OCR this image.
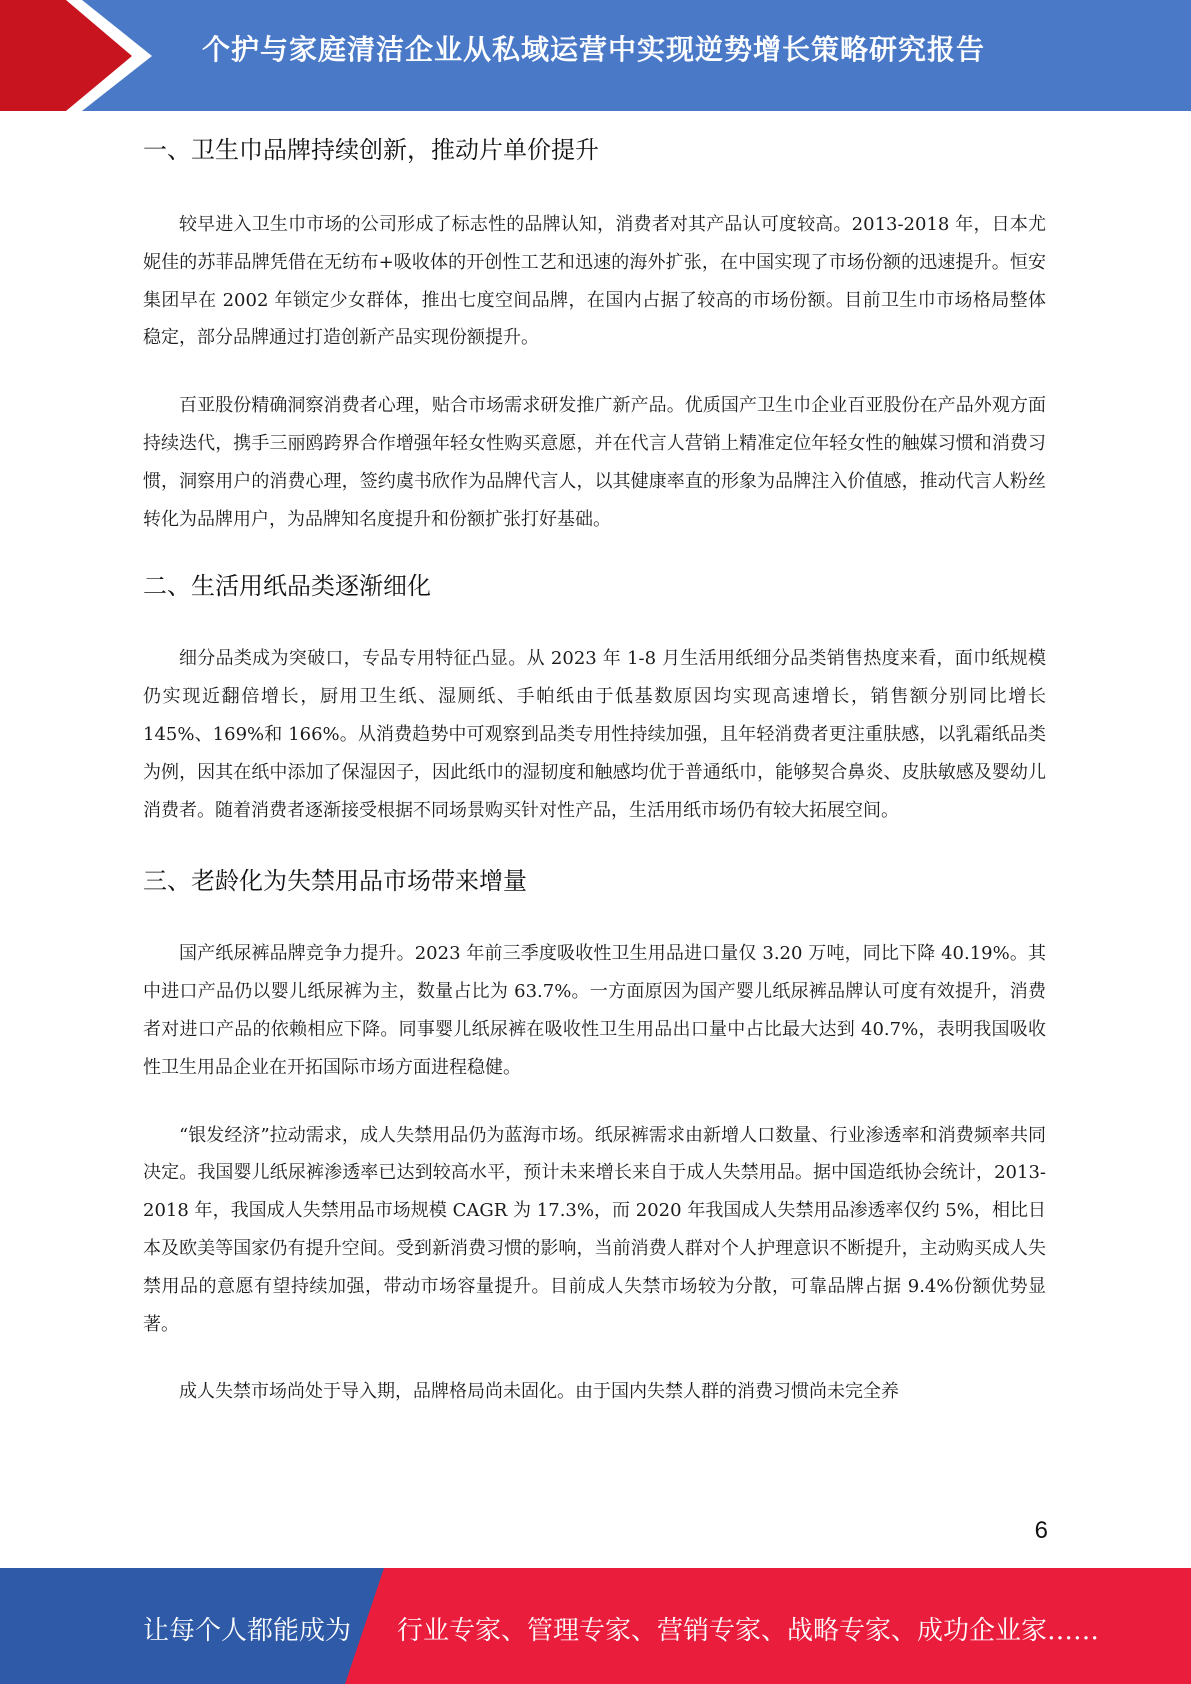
个护与家庭清洁企业从私域运营中实现逆势增长策略研究报告
一、卫生巾品牌持续创新，推动片单价提升

较早进入卫生巾市场的公司形成了标志性的品牌认知，消费者对其产品认可度较高。2013-2018 年，日本尤妮佳的苏菲品牌凭借在无纺布+吸收体的开创性工艺和迅速的海外扩张，在中国实现了市场份额的迅速提升。恒安集团早在 2002 年锁定少女群体，推出七度空间品牌，在国内占据了较高的市场份额。目前卫生巾市场格局整体稳定，部分品牌通过打造创新产品实现份额提升。

百亚股份精确洞察消费者心理，贴合市场需求研发推广新产品。优质国产卫生巾企业百亚股份在产品外观方面持续迭代，携手三丽鸥跨界合作增强年轻女性购买意愿，并在代言人营销上精准定位年轻女性的触媒习惯和消费习惯，洞察用户的消费心理，签约虞书欣作为品牌代言人，以其健康率直的形象为品牌注入价值感，推动代言人粉丝转化为品牌用户，为品牌知名度提升和份额扩张打好基础。

二、生活用纸品类逐渐细化

细分品类成为突破口，专品专用特征凸显。从 2023 年 1-8 月生活用纸细分品类销售热度来看，面巾纸规模仍实现近翻倍增长，厨用卫生纸、湿厕纸、手帕纸由于低基数原因均实现高速增长，销售额分别同比增长 145%、169%和 166%。从消费趋势中可观察到品类专用性持续加强，且年轻消费者更注重肤感，以乳霜纸品类为例，因其在纸中添加了保湿因子，因此纸巾的湿韧度和触感均优于普通纸巾，能够契合鼻炎、皮肤敏感及婴幼儿消费者。随着消费者逐渐接受根据不同场景购买针对性产品，生活用纸市场仍有较大拓展空间。

三、老龄化为失禁用品市场带来增量

国产纸尿裤品牌竞争力提升。2023 年前三季度吸收性卫生用品进口量仅 3.20 万吨，同比下降 40.19%。其中进口产品仍以婴儿纸尿裤为主，数量占比为 63.7%。一方面原因为国产婴儿纸尿裤品牌认可度有效提升，消费者对进口产品的依赖相应下降。同事婴儿纸尿裤在吸收性卫生用品出口量中占比最大达到 40.7%，表明我国吸收性卫生用品企业在开拓国际市场方面进程稳健。

“银发经济”拉动需求，成人失禁用品仍为蓝海市场。纸尿裤需求由新增人口数量、行业渗透率和消费频率共同决定。我国婴儿纸尿裤渗透率已达到较高水平，预计未来增长来自于成人失禁用品。据中国造纸协会统计，2013-2018 年，我国成人失禁用品市场规模 CAGR 为 17.3%，而 2020 年我国成人失禁用品渗透率仅约 5%，相比日本及欧美等国家仍有提升空间。受到新消费习惯的影响，当前消费人群对个人护理意识不断提升，主动购买成人失禁用品的意愿有望持续加强，带动市场容量提升。目前成人失禁市场较为分散，可靠品牌占据 9.4%份额优势显著。

成人失禁市场尚处于导入期，品牌格局尚未固化。由于国内失禁人群的消费习惯尚未完全养

6
让每个人都能成为 行业专家、管理专家、营销专家、战略专家、成功企业家……
